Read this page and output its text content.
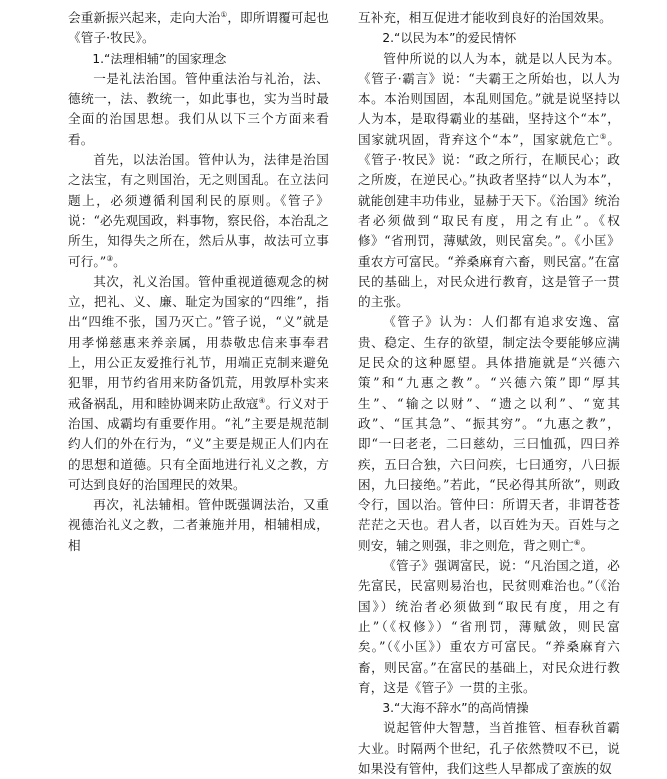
会重新振兴起来，走向大治①，即所谓覆可起也《管子·牧民》。

1.“法理相辅”的国家理念

一是礼法治国。管仲重法治与礼治，法、德统一，法、教统一，如此事也，实为当时最全面的治国思想。我们从以下三个方面来看看。

首先，以法治国。管仲认为，法律是治国之法宝，有之则国治，无之则国乱。在立法问题上，必须遵循利国利民的原则。《管子》说：“必先观国政，料事物，察民俗，本治乱之所生，知得失之所在，然后从事，故法可立事可行。”③。

其次，礼义治国。管仲重视道德观念的树立，把礼、义、廉、耻定为国家的“四维”，指出“四维不张，国乃灭亡。”管子说，“义”就是用孝悌慈惠来养亲属，用恭敬忠信来事奉君上，用公正友爱推行礼节，用端正克制来避免犯罪，用节约省用来防备饥荒，用敦厚朴实来戒备祸乱，用和睦协调来防止敌寇④。行义对于治国、成霸均有重要作用。“礼”主要是规范制约人们的外在行为，“义”主要是规正人们内在的思想和道德。只有全面地进行礼义之教，方可达到良好的治国理民的效果。

再次，礼法辅相。管仲既强调法治，又重视德治礼义之教，二者兼施并用，相辅相成，相

互补充，相互促进才能收到良好的治国效果。

2.“以民为本”的爱民情怀

管仲所说的以人为本，就是以人民为本。《管子·霸言》说：“夫霸王之所始也，以人为本。本治则国固，本乱则国危。”就是说坚持以人为本，是取得霸业的基础，坚持这个“本”，国家就巩固，背弃这个“本”，国家就危亡⑤。《管子·牧民》说：“政之所行，在顺民心；政之所废，在逆民心。”执政者坚持“以人为本”，就能创建丰功伟业，显赫于天下。《治国》统治者必须做到“取民有度，用之有止”。《权修》“省刑罚，薄赋敛，则民富矣。”。《小匡》重农方可富民。“养桑麻育六畜，则民富。”在富民的基础上，对民众进行教育，这是管子一贯的主张。

《管子》认为：人们都有追求安逸、富贵、稳定、生存的欲望，制定法令要能够应满足民众的这种愿望。具体措施就是“兴德六策”和“九惠之教”。“兴德六策”即“厚其生”、“输之以财”、“遗之以利”、“宽其政”、“匡其急”、“振其穷”。“九惠之教”，即“一曰老老，二曰慈幼，三曰恤孤，四曰养疾，五曰合独，六曰问疾，七曰通穷，八曰振困，九曰接绝。”若此，“民必得其所欲”，则政令行，国以治。管仲曰：所谓天者，非谓苍苍茫茫之天也。君人者，以百姓为天。百姓与之则安，辅之则强，非之则危，背之则亡⑥。

《管子》强调富民，说：“凡治国之道，必先富民，民富则易治也，民贫则难治也。”（《治国》）统治者必须做到“取民有度，用之有止”（《权修》）“省刑罚，薄赋敛，则民富矣。”（《小匡》）重农方可富民。“养桑麻育六畜，则民富。”在富民的基础上，对民众进行教育，这是《管子》一贯的主张。

3.“大海不辞水”的高尚情操

说起管仲大智慧，当首推管、桓春秋首霸大业。时隔两个世纪，孔子依然赞叹不已，说如果没有管仲，我们这些人早都成了蛮族的奴
